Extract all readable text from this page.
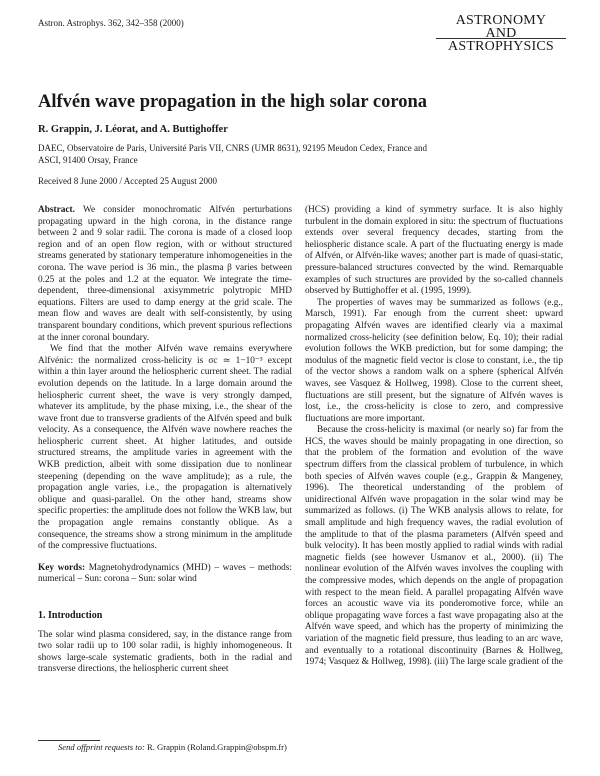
Astron. Astrophys. 362, 342–358 (2000)	ASTRONOMY
AND
ASTROPHYSICS
Alfvén wave propagation in the high solar corona
R. Grappin, J. Léorat, and A. Buttighoffer
DAEC, Observatoire de Paris, Université Paris VII, CNRS (UMR 8631), 92195 Meudon Cedex, France and ASCI, 91400 Orsay, France
Received 8 June 2000 / Accepted 25 August 2000

Abstract. We consider monochromatic Alfvén perturbations propagating upward in the high corona, in the distance range between 2 and 9 solar radii. The corona is made of a closed loop region and of an open flow region, with or without structured streams generated by stationary temperature inhomogeneities in the corona. The wave period is 36 min., the plasma β varies between 0.25 at the poles and 1.2 at the equator. We integrate the time-dependent, three-dimensional axisymmetric polytropic MHD equations. Filters are used to damp energy at the grid scale. The mean flow and waves are dealt with self-consistently, by using transparent boundary conditions, which prevent spurious reflections at the inner coronal boundary.

We find that the mother Alfvén wave remains everywhere Alfvénic: the normalized cross-helicity is σc ≃ 1−10⁻³ except within a thin layer around the heliospheric current sheet. The radial evolution depends on the latitude. In a large domain around the heliospheric current sheet, the wave is very strongly damped, whatever its amplitude, by the phase mixing, i.e., the shear of the wave front due to transverse gradients of the Alfvén speed and bulk velocity. As a consequence, the Alfvén wave nowhere reaches the heliospheric current sheet. At higher latitudes, and outside structured streams, the amplitude varies in agreement with the WKB prediction, albeit with some dissipation due to nonlinear steepening (depending on the wave amplitude); as a rule, the propagation angle varies, i.e., the propagation is alternatively oblique and quasi-parallel. On the other hand, streams show specific properties: the amplitude does not follow the WKB law, but the propagation angle remains constantly oblique. As a consequence, the streams show a strong minimum in the amplitude of the compressive fluctuations.

Key words: Magnetohydrodynamics (MHD) – waves – methods: numerical – Sun: corona – Sun: solar wind

1. Introduction

The solar wind plasma considered, say, in the distance range from two solar radii up to 100 solar radii, is highly inhomogeneous. It shows large-scale systematic gradients, both in the radial and transverse directions, the heliospheric current sheet

(HCS) providing a kind of symmetry surface. It is also highly turbulent in the domain explored in situ: the spectrum of fluctuations extends over several frequency decades, starting from the heliospheric distance scale. A part of the fluctuating energy is made of Alfvén, or Alfvén-like waves; another part is made of quasi-static, pressure-balanced structures convected by the wind. Remarquable examples of such structures are provided by the so-called channels observed by Buttighoffer et al. (1995, 1999).

The properties of waves may be summarized as follows (e.g., Marsch, 1991). Far enough from the current sheet: upward propagating Alfvén waves are identified clearly via a maximal normalized cross-helicity (see definition below, Eq. 10); their radial evolution follows the WKB prediction, but for some damping; the modulus of the magnetic field vector is close to constant, i.e., the tip of the vector shows a random walk on a sphere (spherical Alfvén waves, see Vasquez & Hollweg, 1998). Close to the current sheet, fluctuations are still present, but the signature of Alfvén waves is lost, i.e., the cross-helicity is close to zero, and compressive fluctuations are more important.

Because the cross-helicity is maximal (or nearly so) far from the HCS, the waves should be mainly propagating in one direction, so that the problem of the formation and evolution of the wave spectrum differs from the classical problem of turbulence, in which both species of Alfvén waves couple (e.g., Grappin & Mangeney, 1996). The theoretical understanding of the problem of unidirectional Alfvén wave propagation in the solar wind may be summarized as follows. (i) The WKB analysis allows to relate, for small amplitude and high frequency waves, the radial evolution of the amplitude to that of the plasma parameters (Alfvén speed and bulk velocity). It has been mostly applied to radial winds with radial magnetic fields (see however Usmanov et al., 2000). (ii) The nonlinear evolution of the Alfvén waves involves the coupling with the compressive modes, which depends on the angle of propagation with respect to the mean field. A parallel propagating Alfvén wave forces an acoustic wave via its ponderomotive force, while an oblique propagating wave forces a fast wave propagating also at the Alfvén wave speed, and which has the property of minimizing the variation of the magnetic field pressure, thus leading to an arc wave, and eventually to a rotational discontinuity (Barnes & Hollweg, 1974; Vasquez & Hollweg, 1998). (iii) The large scale gradient of the

Send offprint requests to: R. Grappin (Roland.Grappin@obspm.fr)
